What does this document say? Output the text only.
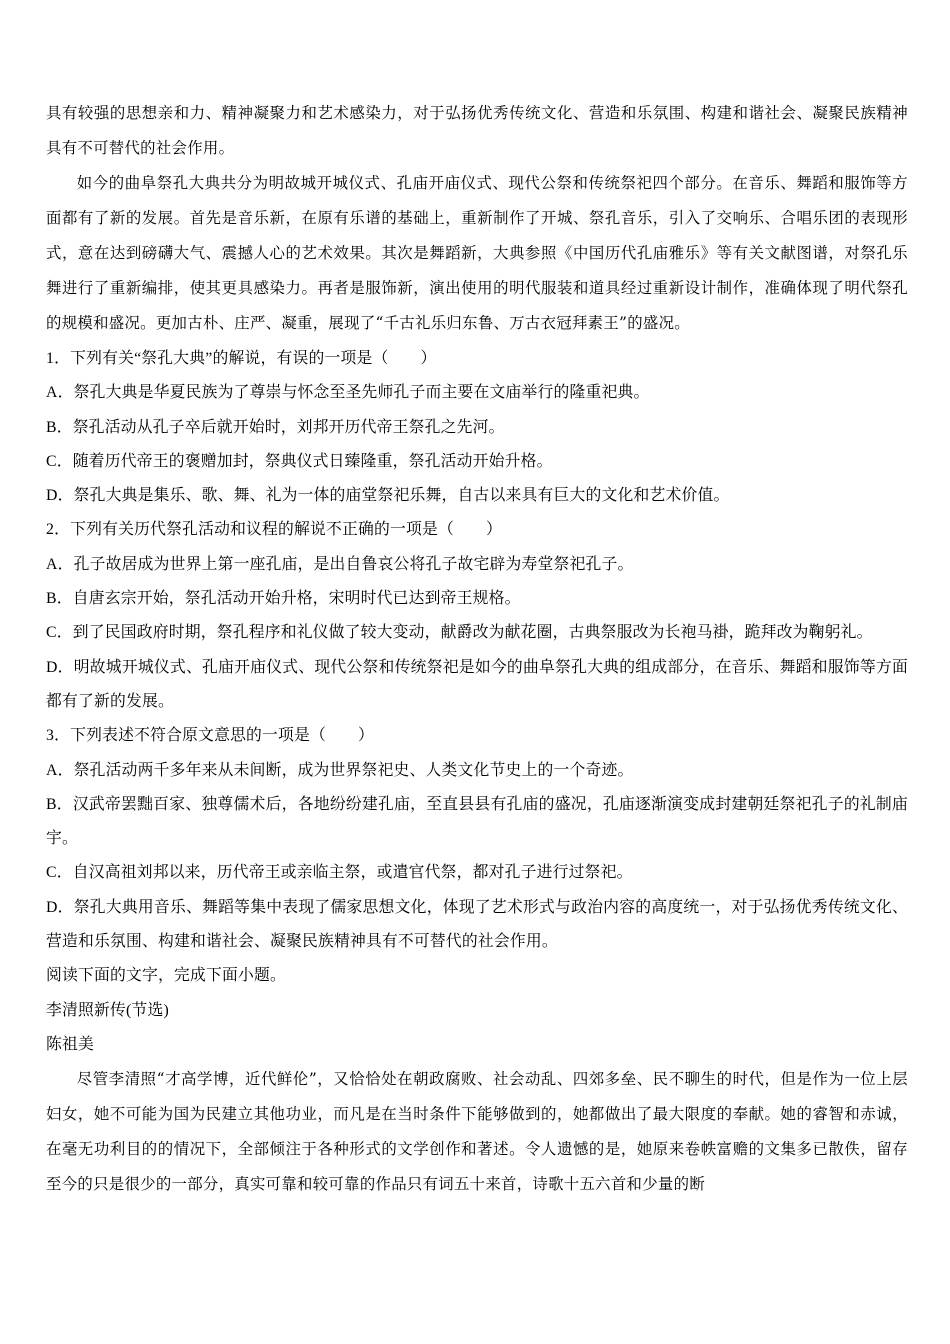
具有较强的思想亲和力、精神凝聚力和艺术感染力，对于弘扬优秀传统文化、营造和乐氛围、构建和谐社会、凝聚民族精神具有不可替代的社会作用。

如今的曲阜祭孔大典共分为明故城开城仪式、孔庙开庙仪式、现代公祭和传统祭祀四个部分。在音乐、舞蹈和服饰等方面都有了新的发展。首先是音乐新，在原有乐谱的基础上，重新制作了开城、祭孔音乐，引入了交响乐、合唱乐团的表现形式，意在达到磅礴大气、震撼人心的艺术效果。其次是舞蹈新，大典参照《中国历代孔庙雅乐》等有关文献图谱，对祭孔乐舞进行了重新编排，使其更具感染力。再者是服饰新，演出使用的明代服装和道具经过重新设计制作，准确体现了明代祭孔的规模和盛况。更加古朴、庄严、凝重，展现了“千古礼乐归东鲁、万古衣冠拜素王”的盛况。

1．下列有关“祭孔大典”的解说，有误的一项是（　　）

A．祭孔大典是华夏民族为了尊崇与怀念至圣先师孔子而主要在文庙举行的隆重祀典。

B．祭孔活动从孔子卒后就开始时，刘邦开历代帝王祭孔之先河。

C．随着历代帝王的褒赠加封，祭典仪式日臻隆重，祭孔活动开始升格。

D．祭孔大典是集乐、歌、舞、礼为一体的庙堂祭祀乐舞，自古以来具有巨大的文化和艺术价值。

2．下列有关历代祭孔活动和议程的解说不正确的一项是（　　）

A．孔子故居成为世界上第一座孔庙，是出自鲁哀公将孔子故宅辟为寿堂祭祀孔子。

B．自唐玄宗开始，祭孔活动开始升格，宋明时代已达到帝王规格。

C．到了民国政府时期，祭孔程序和礼仪做了较大变动，献爵改为献花圈，古典祭服改为长袍马褂，跪拜改为鞠躬礼。

D．明故城开城仪式、孔庙开庙仪式、现代公祭和传统祭祀是如今的曲阜祭孔大典的组成部分，在音乐、舞蹈和服饰等方面都有了新的发展。

3．下列表述不符合原文意思的一项是（　　）

A．祭孔活动两千多年来从未间断，成为世界祭祀史、人类文化节史上的一个奇迹。

B．汉武帝罢黜百家、独尊儒术后，各地纷纷建孔庙，至直县县有孔庙的盛况，孔庙逐渐演变成封建朝廷祭祀孔子的礼制庙宇。

C．自汉高祖刘邦以来，历代帝王或亲临主祭，或遣官代祭，都对孔子进行过祭祀。

D．祭孔大典用音乐、舞蹈等集中表现了儒家思想文化，体现了艺术形式与政治内容的高度统一，对于弘扬优秀传统文化、营造和乐氛围、构建和谐社会、凝聚民族精神具有不可替代的社会作用。

阅读下面的文字，完成下面小题。

李清照新传(节选)

陈祖美

尽管李清照“才高学博，近代鲜伦”，又恰恰处在朝政腐败、社会动乱、四郊多垒、民不聊生的时代，但是作为一位上层妇女，她不可能为国为民建立其他功业，而凡是在当时条件下能够做到的，她都做出了最大限度的奉献。她的睿智和赤诚，在毫无功利目的的情况下，全部倾注于各种形式的文学创作和著述。令人遗憾的是，她原来卷帙富赡的文集多已散佚，留存至今的只是很少的一部分，真实可靠和较可靠的作品只有词五十来首，诗歌十五六首和少量的断
